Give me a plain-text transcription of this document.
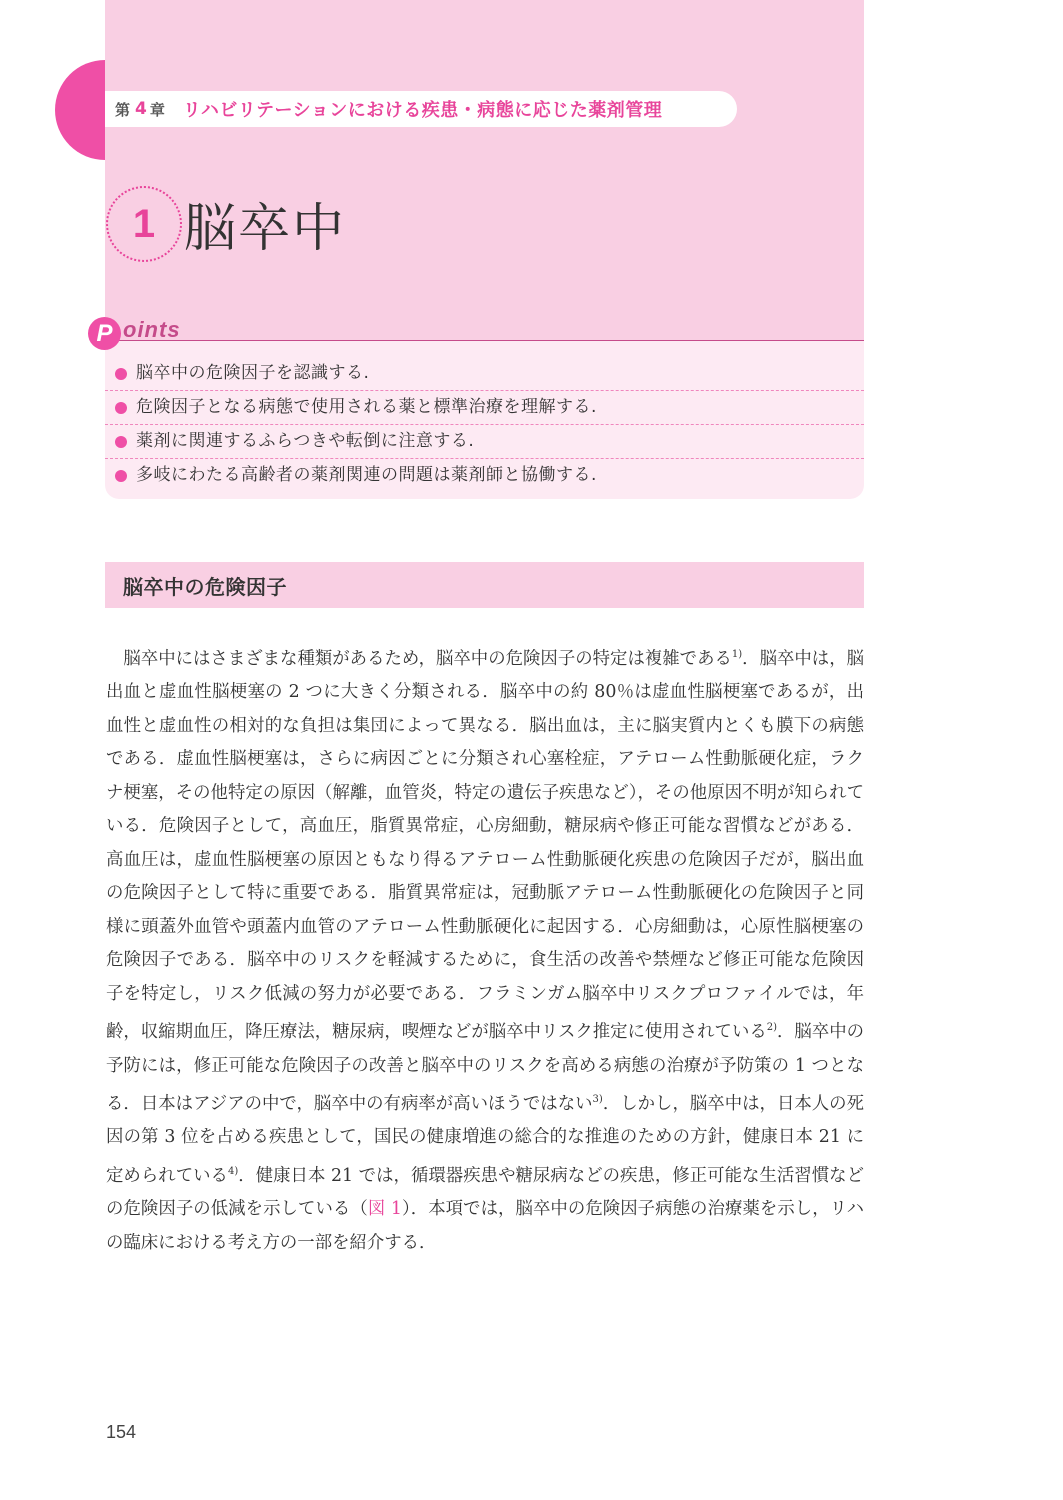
第 4 章 リハビリテーションにおける疾患・病態に応じた薬剤管理
1 脳卒中
P oints
脳卒中の危険因子を認識する.
危険因子となる病態で使用される薬と標準治療を理解する.
薬剤に関連するふらつきや転倒に注意する.
多岐にわたる高齢者の薬剤関連の問題は薬剤師と協働する.
脳卒中の危険因子

脳卒中にはさまざまな種類があるため，脳卒中の危険因子の特定は複雑である$^{1)}$．脳卒中は，脳出血と虚血性脳梗塞の 2 つに大きく分類される．脳卒中の約 80％は虚血性脳梗塞であるが，出血性と虚血性の相対的な負担は集団によって異なる．脳出血は，主に脳実質内とくも膜下の病態である．虚血性脳梗塞は，さらに病因ごとに分類され心塞栓症，アテローム性動脈硬化症，ラクナ梗塞，その他特定の原因（解離，血管炎，特定の遺伝子疾患など），その他原因不明が知られている．危険因子として，高血圧，脂質異常症，心房細動，糖尿病や修正可能な習慣などがある．高血圧は，虚血性脳梗塞の原因ともなり得るアテローム性動脈硬化疾患の危険因子だが，脳出血の危険因子として特に重要である．脂質異常症は，冠動脈アテローム性動脈硬化の危険因子と同様に頭蓋外血管や頭蓋内血管のアテローム性動脈硬化に起因する．心房細動は，心原性脳梗塞の危険因子である．脳卒中のリスクを軽減するために，食生活の改善や禁煙など修正可能な危険因子を特定し，リスク低減の努力が必要である．フラミンガム脳卒中リスクプロファイルでは，年齢，収縮期血圧，降圧療法，糖尿病，喫煙などが脳卒中リスク推定に使用されている$^{2)}$．脳卒中の予防には，修正可能な危険因子の改善と脳卒中のリスクを高める病態の治療が予防策の 1 つとなる．日本はアジアの中で，脳卒中の有病率が高いほうではない$^{3)}$．しかし，脳卒中は，日本人の死因の第 3 位を占める疾患として，国民の健康増進の総合的な推進のための方針，健康日本 21 に定められている$^{4)}$．健康日本 21 では，循環器疾患や糖尿病などの疾患，修正可能な生活習慣などの危険因子の低減を示している（図 1）．本項では，脳卒中の危険因子病態の治療薬を示し，リハの臨床における考え方の一部を紹介する．

154
